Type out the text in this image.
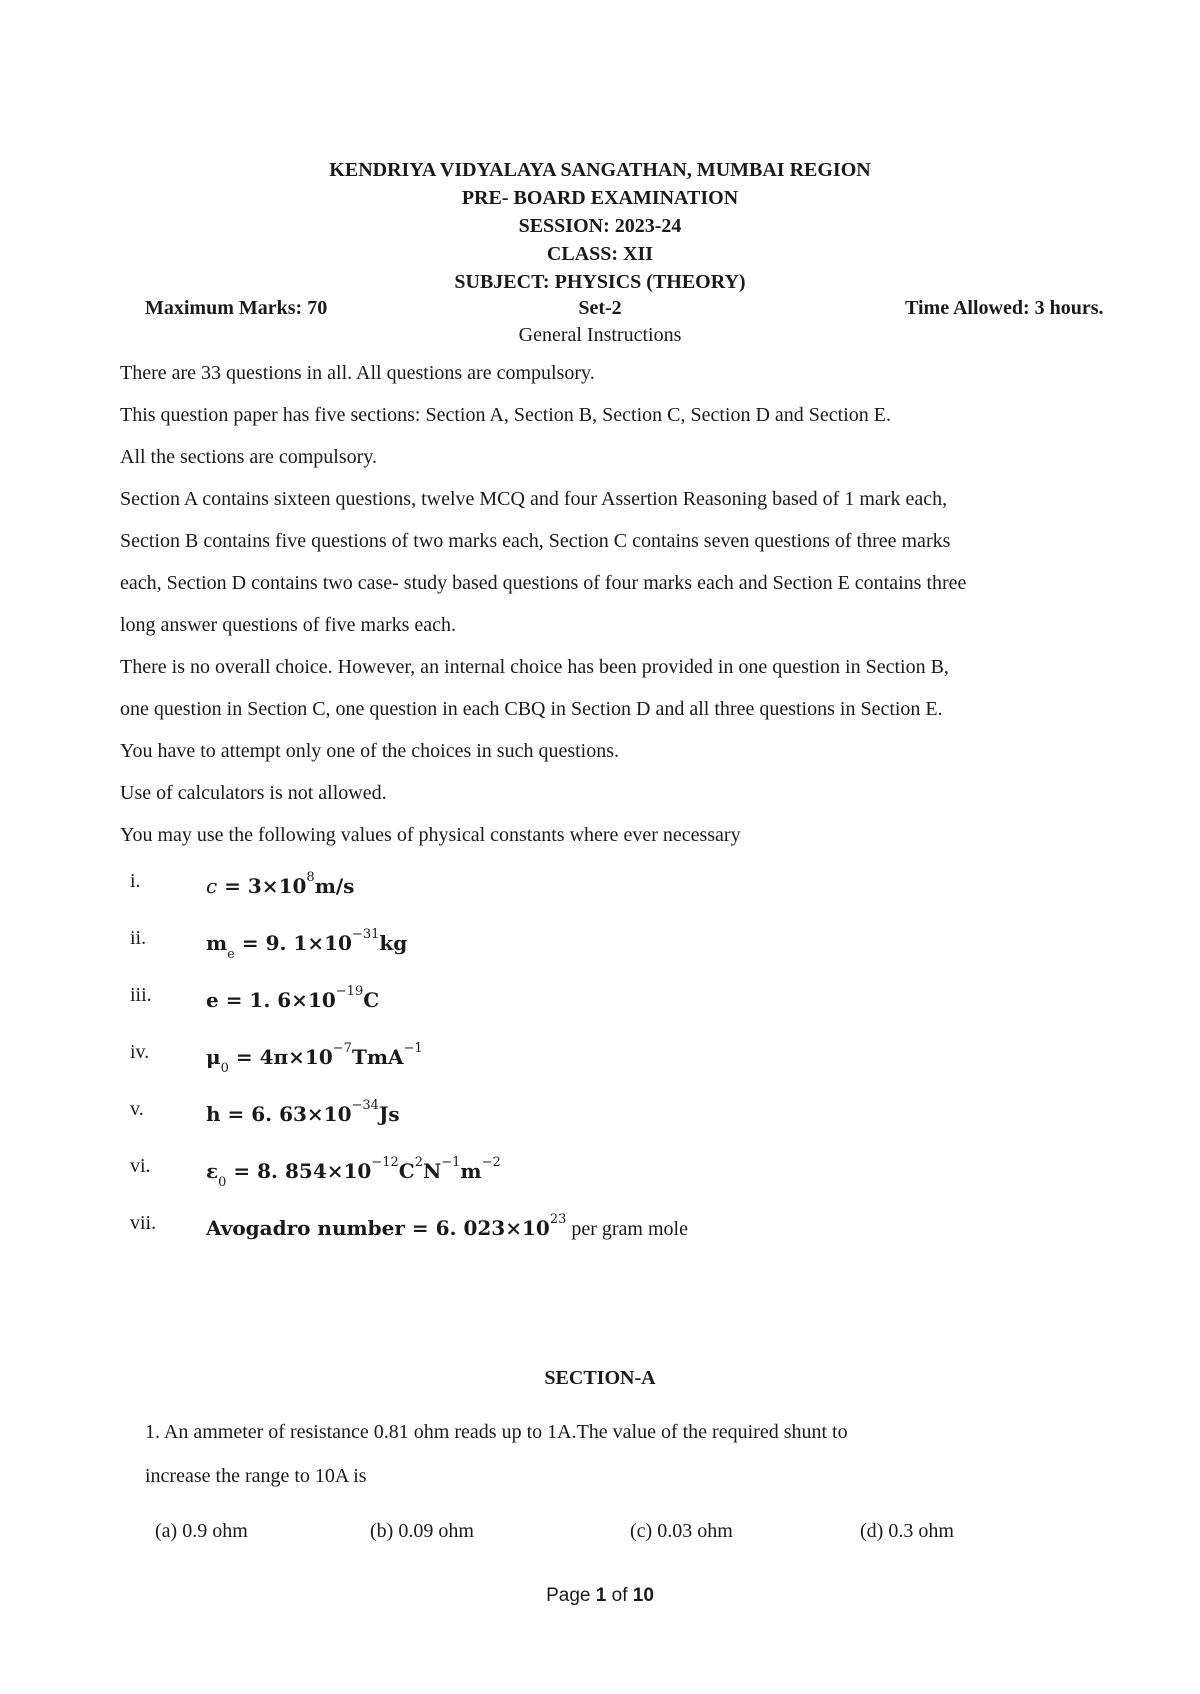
KENDRIYA VIDYALAYA SANGATHAN, MUMBAI REGION
PRE- BOARD EXAMINATION
SESSION: 2023-24
CLASS: XII
SUBJECT: PHYSICS (THEORY)
Maximum Marks: 70	Set-2	Time Allowed: 3 hours.
General Instructions

There are 33 questions in all. All questions are compulsory.

This question paper has five sections: Section A, Section B, Section C, Section D and Section E.

All the sections are compulsory.

Section A contains sixteen questions, twelve MCQ and four Assertion Reasoning based of 1 mark each,

Section B contains five questions of two marks each, Section C contains seven questions of three marks

each, Section D contains two case- study based questions of four marks each and Section E contains three

long answer questions of five marks each.

There is no overall choice. However, an internal choice has been provided in one question in Section B,

one question in Section C, one question in each CBQ in Section D and all three questions in Section E.

You have to attempt only one of the choices in such questions.

Use of calculators is not allowed.

You may use the following values of physical constants where ever necessary

i.	$c = 3\times 10^8m/s$
ii.	$m_e = 9$. $1\times 10^{-31}kg$
iii.	e = 1. $6\times 10^{-19}C$
iv.	$\mu_0 = 4\pi\times 10^{-7}TmA^{-1}$
v.	h = 6. $63\times 10^{-34}Js$
vi.	$\varepsilon_0 = 8$. $854\times 10^{-12}C^2N^{-1}m^{-2}$
vii. Avogadro number = 6. $023\times 10^{23}$ per gram mole
SECTION-A

1. An ammeter of resistance 0.81 ohm reads up to 1A.The value of the required shunt to

increase the range to 10A is

(a) 0.9 ohm	(b) 0.09 ohm	(c) 0.03 ohm	(d) 0.3 ohm
Page 1 of 10
